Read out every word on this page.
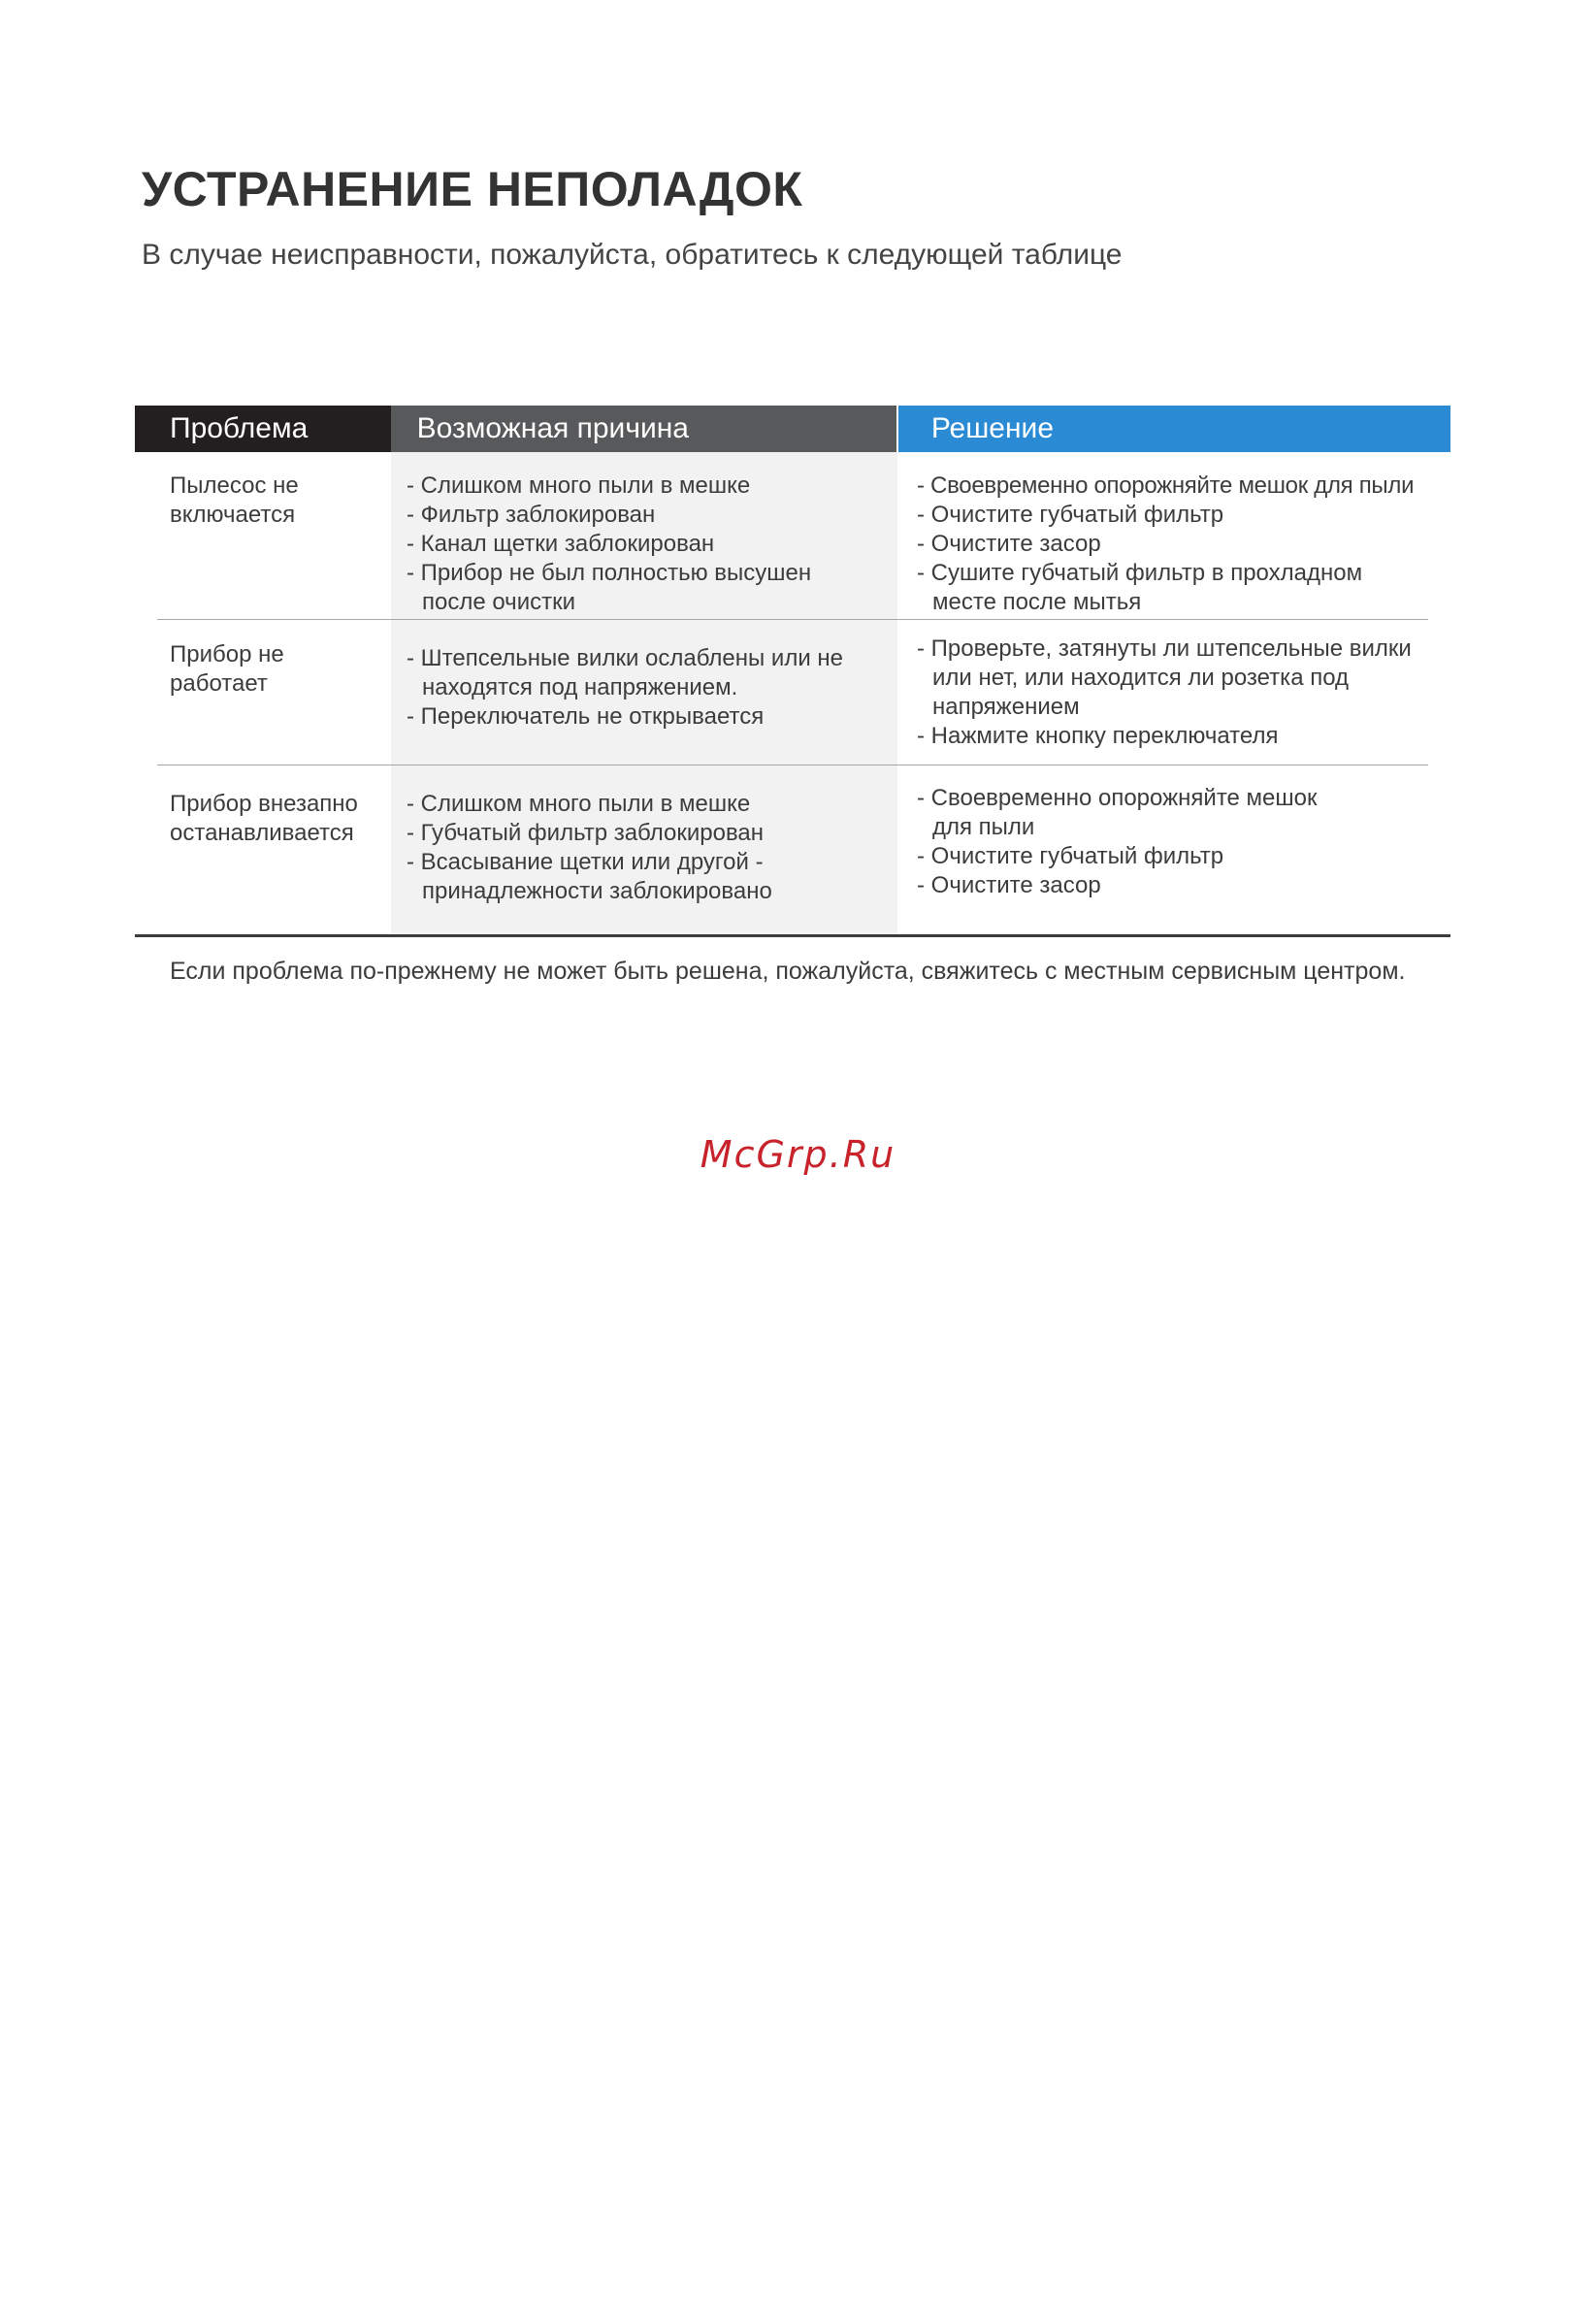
УСТРАНЕНИЕ НЕПОЛАДОК
В случае неисправности, пожалуйста, обратитесь к следующей таблице
Проблема	Возможная причина	Решение
Пылесос не
включается
- Слишком много пыли в мешке
- Фильтр заблокирован
- Канал щетки заблокирован
- Прибор не был полностью высушен после очистки
- Своевременно опорожняйте мешок для пыли
- Очистите губчатый фильтр
- Очистите засор
- Сушите губчатый фильтр в прохладном месте после мытья
Прибор не
работает
- Штепсельные вилки ослаблены или не находятся под напряжением.
- Переключатель не открывается
- Проверьте, затянуты ли штепсельные вилки или нет, или находится ли розетка под напряжением
- Нажмите кнопку переключателя
Прибор внезапно
останавливается
- Слишком много пыли в мешке
- Губчатый фильтр заблокирован
- Всасывание щетки или другой - принадлежности заблокировано
- Своевременно опорожняйте мешок для пыли
- Очистите губчатый фильтр
- Очистите засор
Если проблема по-прежнему не может быть решена, пожалуйста, свяжитесь с местным сервисным центром.
McGrp.Ru
